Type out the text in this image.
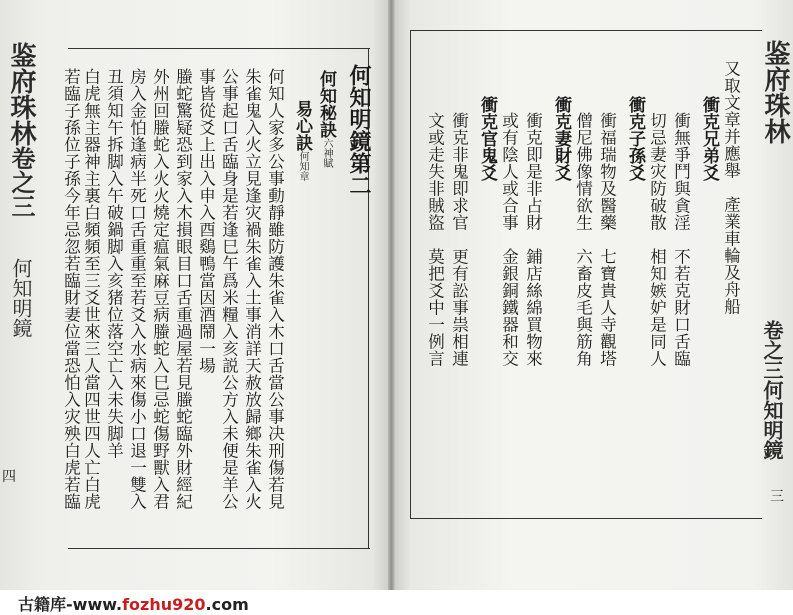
鉴府珠林卷之三何知明鏡
四
何知明鏡第二
何知秘訣六神賦
易心訣何知章
何知人家多公事動靜雖防護朱雀入木口舌當公事决刑傷若見
朱雀鬼入火立見逢灾禍朱雀入土事消詳天赦放歸鄉朱雀入火
公事起口舌臨身是若逢巳午爲米糧入亥説公方入未便是羊公
事皆從爻上出入申入酉鷄鴨當因酒鬧一場
螣蛇驚疑恐到家入木損眼目口舌重過屋若見螣蛇臨外財經紀
外州回螣蛇入火火燒定瘟氣麻豆病螣蛇入巳忌蛇傷野獸入君
房入金怕逢病半死口舌重重至若爻入水病來傷小口退一雙入
丑須知午拆脚入午破鍋脚入亥猪位落空亡入未失脚羊
白虎無主器神主裏白頻頻至三爻世來三人當四世四人亡白虎
若臨子孫位子孫今年忌忽若臨財妻位當恐怕入灾殃白虎若臨	又取文章并應舉　產業車輪及舟船
衝克兄弟爻
衝無爭鬥與貪淫　不若克財口舌臨
切忌妻灾防破散　相知嫉妒是同人
衝克子孫爻
衝福瑞物及醫藥　七寶貴人寺觀塔
僧尼佛像情欲生　六畜皮毛與筋角
衝克妻財爻
衝克即是非占財　鋪店絲綿買物來
或有陰人或合事　金銀銅鐵器和交
衝克官鬼爻
衝克非鬼即求官　更有訟事祟相連
文或走失非賊盜　莫把爻中一例言
鉴府珠林
卷之三何知明鏡
三
古籍库-www.fozhu920.com
